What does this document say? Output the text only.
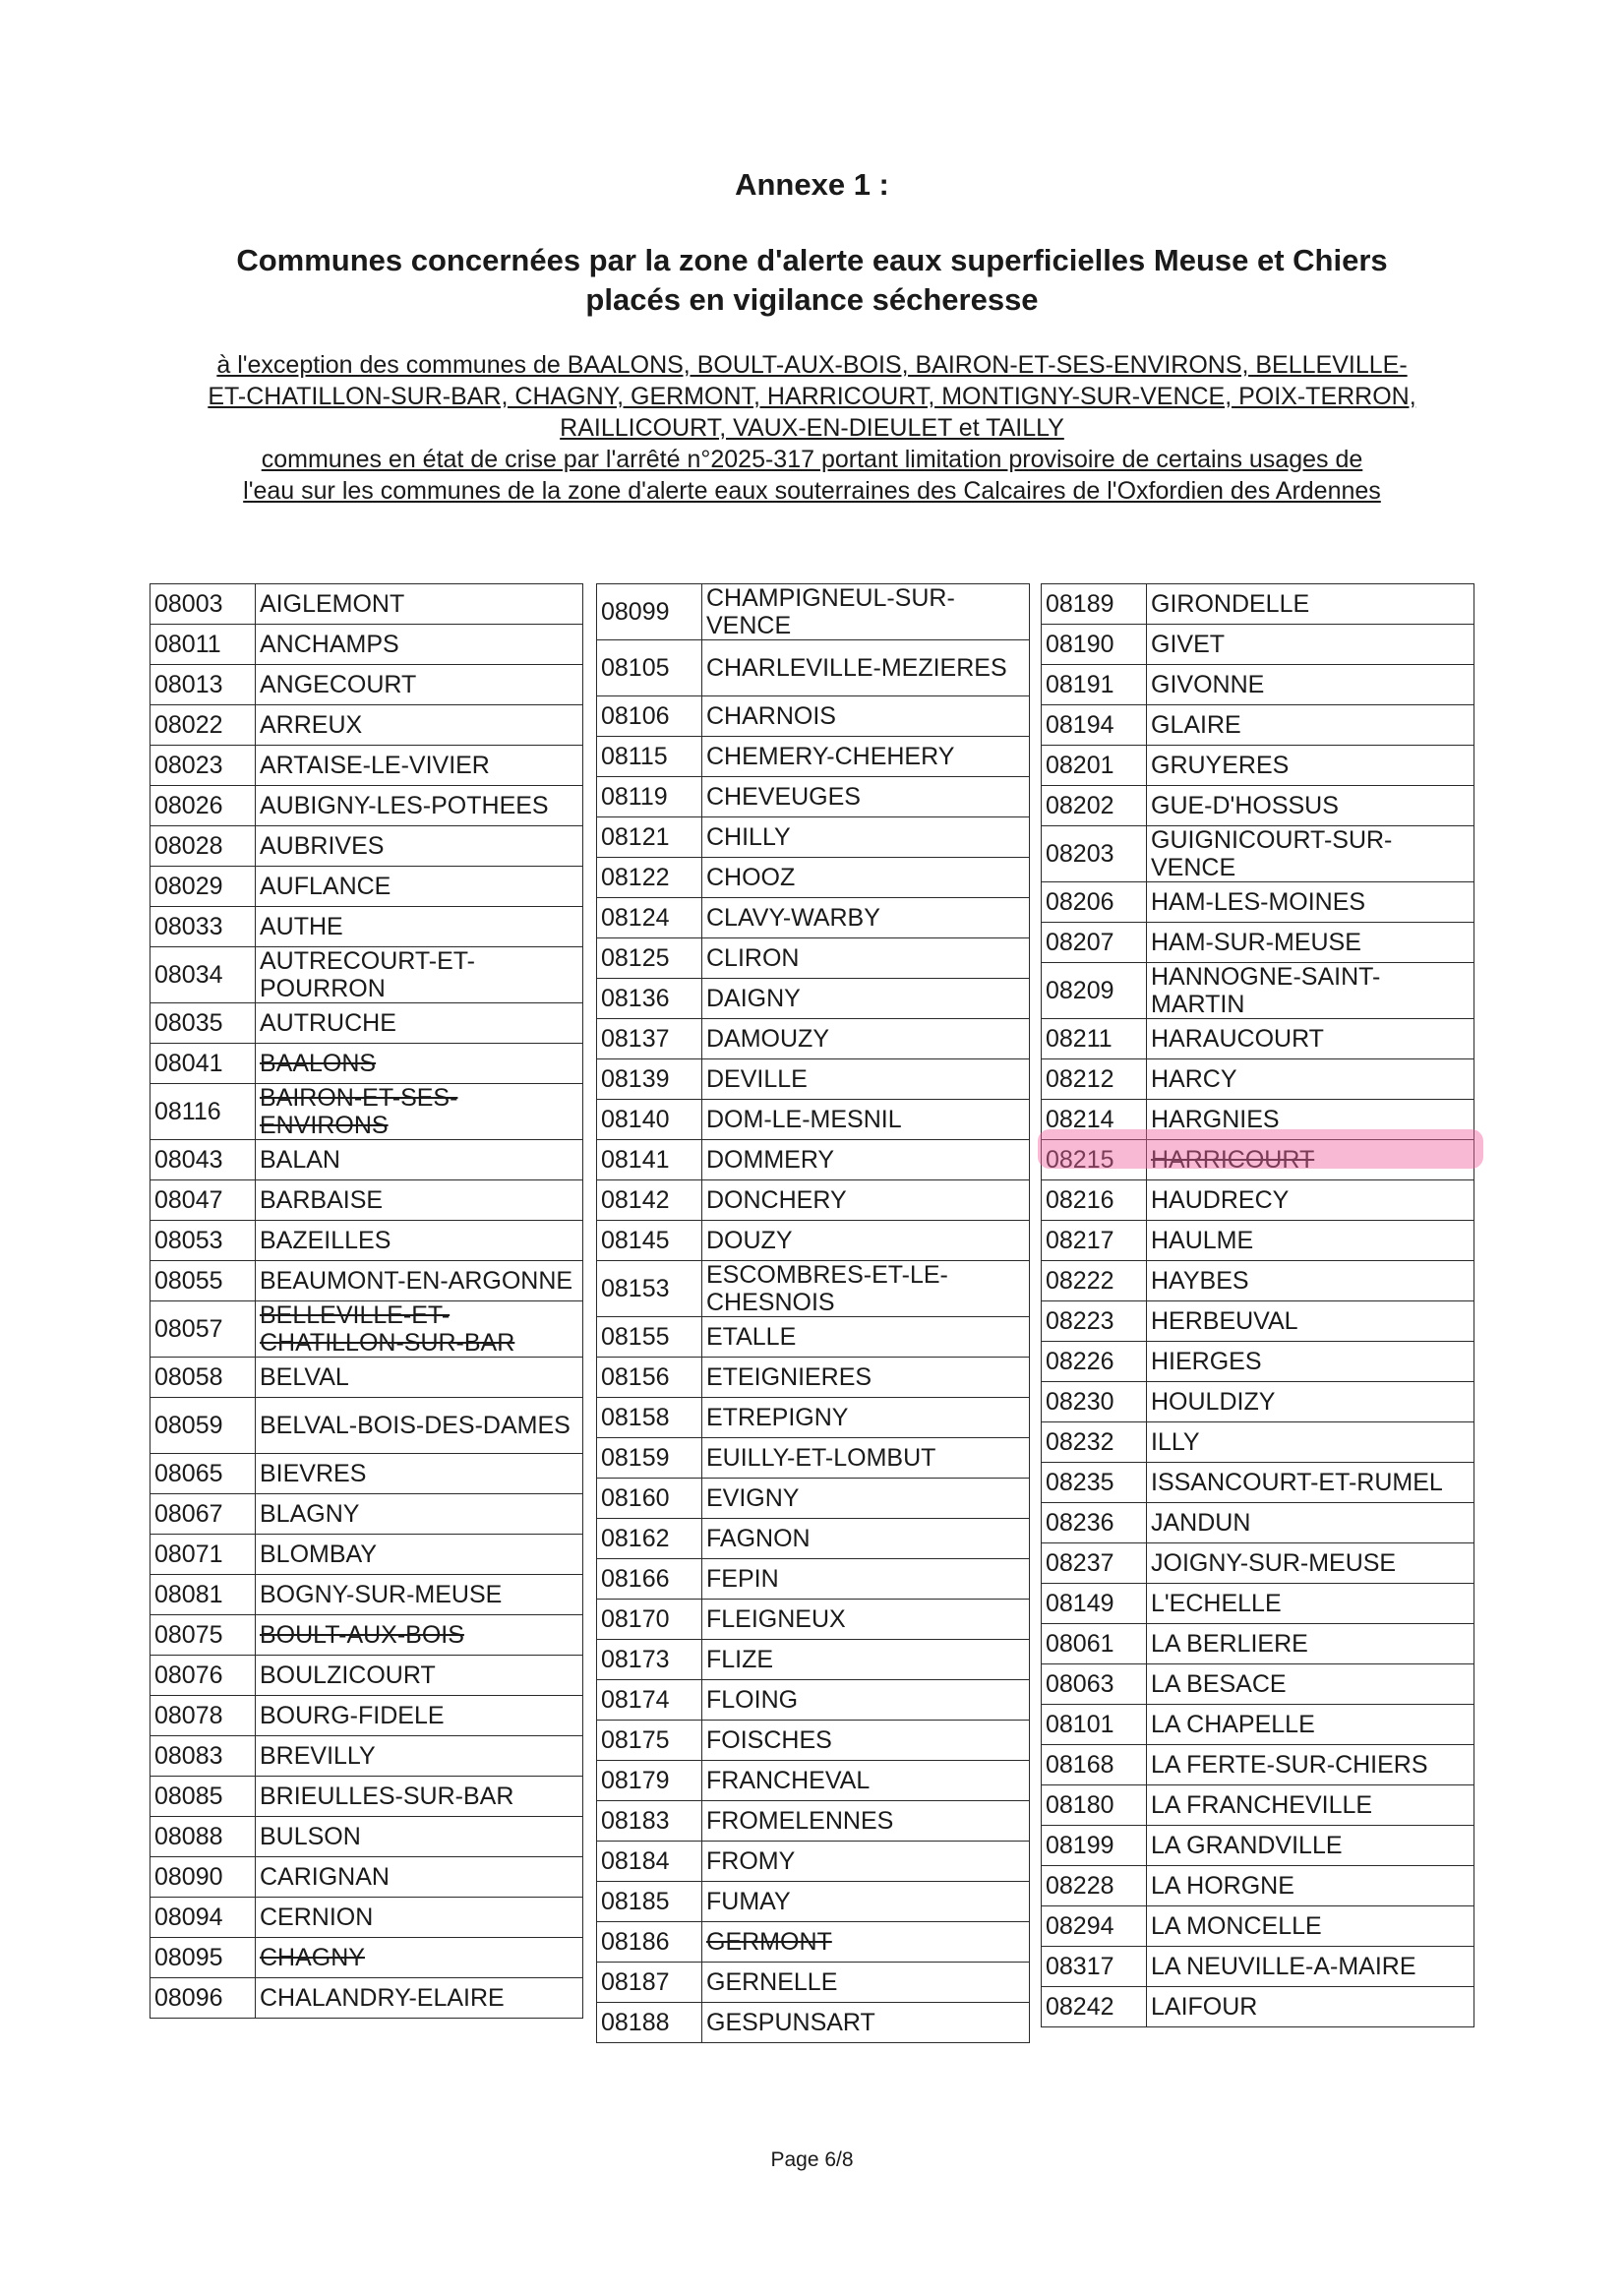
Annexe 1 :
Communes concernées par la zone d'alerte eaux superficielles Meuse et Chiers
placés en vigilance sécheresse
à l'exception des communes de BAALONS, BOULT-AUX-BOIS, BAIRON-ET-SES-ENVIRONS, BELLEVILLE-
ET-CHATILLON-SUR-BAR, CHAGNY, GERMONT, HARRICOURT, MONTIGNY-SUR-VENCE, POIX-TERRON,
RAILLICOURT, VAUX-EN-DIEULET et TAILLY
communes en état de crise par l'arrêté n°2025-317 portant limitation provisoire de certains usages de
l'eau sur les communes de la zone d'alerte eaux souterraines des Calcaires de l'Oxfordien des Ardennes
08003	AIGLEMONT
08011	ANCHAMPS
08013	ANGECOURT
08022	ARREUX
08023	ARTAISE-LE-VIVIER
08026	AUBIGNY-LES-POTHEES
08028	AUBRIVES
08029	AUFLANCE
08033	AUTHE
08034	AUTRECOURT-ET-POURRON
08035	AUTRUCHE
08041	BAALONS
08116	BAIRON-ET-SES-ENVIRONS
08043	BALAN
08047	BARBAISE
08053	BAZEILLES
08055	BEAUMONT-EN-ARGONNE
08057	BELLEVILLE-ET-CHATILLON-SUR-BAR
08058	BELVAL
08059	BELVAL-BOIS-DES-DAMES
08065	BIEVRES
08067	BLAGNY
08071	BLOMBAY
08081	BOGNY-SUR-MEUSE
08075	BOULT-AUX-BOIS
08076	BOULZICOURT
08078	BOURG-FIDELE
08083	BREVILLY
08085	BRIEULLES-SUR-BAR
08088	BULSON
08090	CARIGNAN
08094	CERNION
08095	CHAGNY
08096	CHALANDRY-ELAIRE
08099	CHAMPIGNEUL-SUR-VENCE
08105	CHARLEVILLE-MEZIERES
08106	CHARNOIS
08115	CHEMERY-CHEHERY
08119	CHEVEUGES
08121	CHILLY
08122	CHOOZ
08124	CLAVY-WARBY
08125	CLIRON
08136	DAIGNY
08137	DAMOUZY
08139	DEVILLE
08140	DOM-LE-MESNIL
08141	DOMMERY
08142	DONCHERY
08145	DOUZY
08153	ESCOMBRES-ET-LE-CHESNOIS
08155	ETALLE
08156	ETEIGNIERES
08158	ETREPIGNY
08159	EUILLY-ET-LOMBUT
08160	EVIGNY
08162	FAGNON
08166	FEPIN
08170	FLEIGNEUX
08173	FLIZE
08174	FLOING
08175	FOISCHES
08179	FRANCHEVAL
08183	FROMELENNES
08184	FROMY
08185	FUMAY
08186	GERMONT
08187	GERNELLE
08188	GESPUNSART
08189	GIRONDELLE
08190	GIVET
08191	GIVONNE
08194	GLAIRE
08201	GRUYERES
08202	GUE-D'HOSSUS
08203	GUIGNICOURT-SUR-VENCE
08206	HAM-LES-MOINES
08207	HAM-SUR-MEUSE
08209	HANNOGNE-SAINT-MARTIN
08211	HARAUCOURT
08212	HARCY
08214	HARGNIES
08215	HARRICOURT
08216	HAUDRECY
08217	HAULME
08222	HAYBES
08223	HERBEUVAL
08226	HIERGES
08230	HOULDIZY
08232	ILLY
08235	ISSANCOURT-ET-RUMEL
08236	JANDUN
08237	JOIGNY-SUR-MEUSE
08149	L'ECHELLE
08061	LA BERLIERE
08063	LA BESACE
08101	LA CHAPELLE
08168	LA FERTE-SUR-CHIERS
08180	LA FRANCHEVILLE
08199	LA GRANDVILLE
08228	LA HORGNE
08294	LA MONCELLE
08317	LA NEUVILLE-A-MAIRE
08242	LAIFOUR
Page 6/8
